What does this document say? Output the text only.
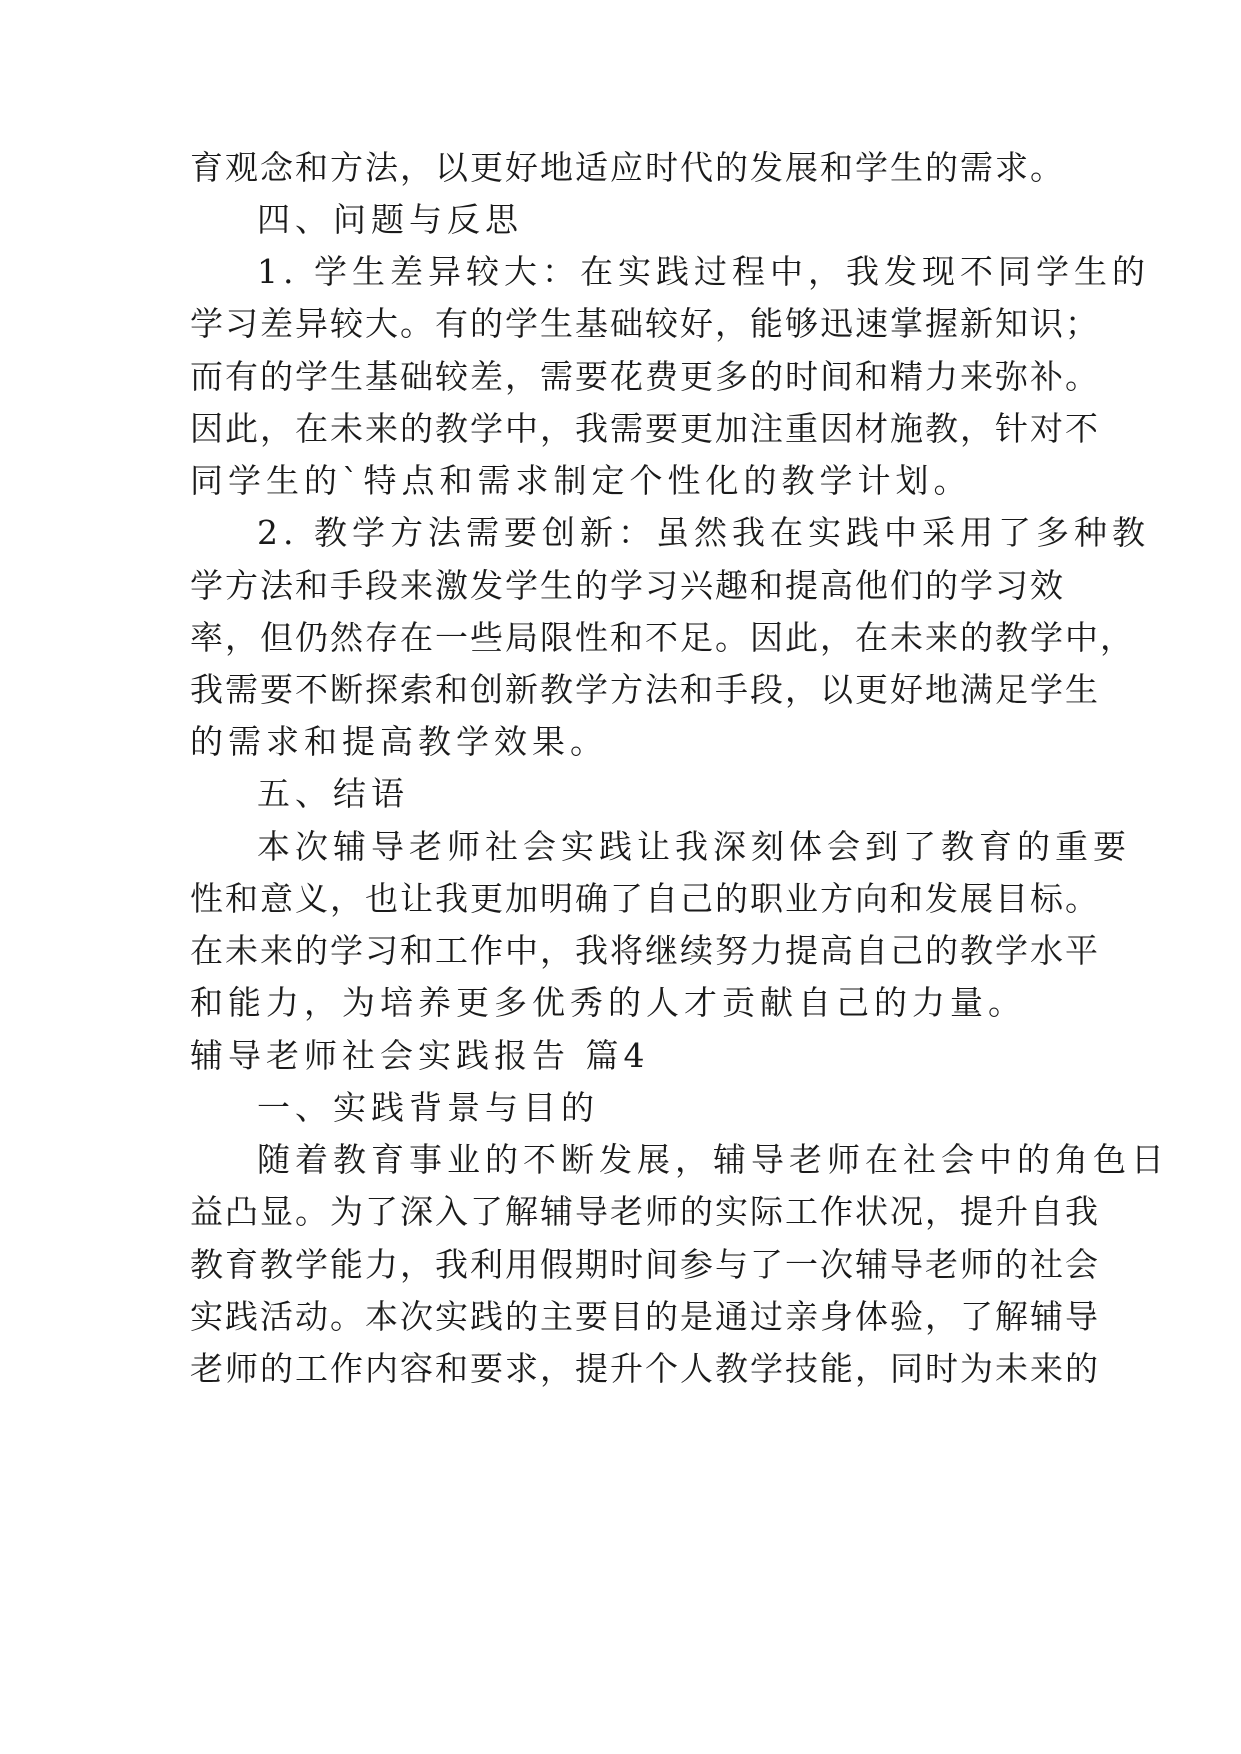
育观念和方法，以更好地适应时代的发展和学生的需求。
四、问题与反思
1. 学生差异较大：在实践过程中，我发现不同学生的
学习差异较大。有的学生基础较好，能够迅速掌握新知识；
而有的学生基础较差，需要花费更多的时间和精力来弥补。
因此，在未来的教学中，我需要更加注重因材施教，针对不
同学生的`特点和需求制定个性化的教学计划。
2. 教学方法需要创新：虽然我在实践中采用了多种教
学方法和手段来激发学生的学习兴趣和提高他们的学习效
率，但仍然存在一些局限性和不足。因此，在未来的教学中，
我需要不断探索和创新教学方法和手段，以更好地满足学生
的需求和提高教学效果。
五、结语
本次辅导老师社会实践让我深刻体会到了教育的重要
性和意义，也让我更加明确了自己的职业方向和发展目标。
在未来的学习和工作中，我将继续努力提高自己的教学水平
和能力，为培养更多优秀的人才贡献自己的力量。
辅导老师社会实践报告 篇4
一、实践背景与目的
随着教育事业的不断发展，辅导老师在社会中的角色日
益凸显。为了深入了解辅导老师的实际工作状况，提升自我
教育教学能力，我利用假期时间参与了一次辅导老师的社会
实践活动。本次实践的主要目的是通过亲身体验，了解辅导
老师的工作内容和要求，提升个人教学技能，同时为未来的
